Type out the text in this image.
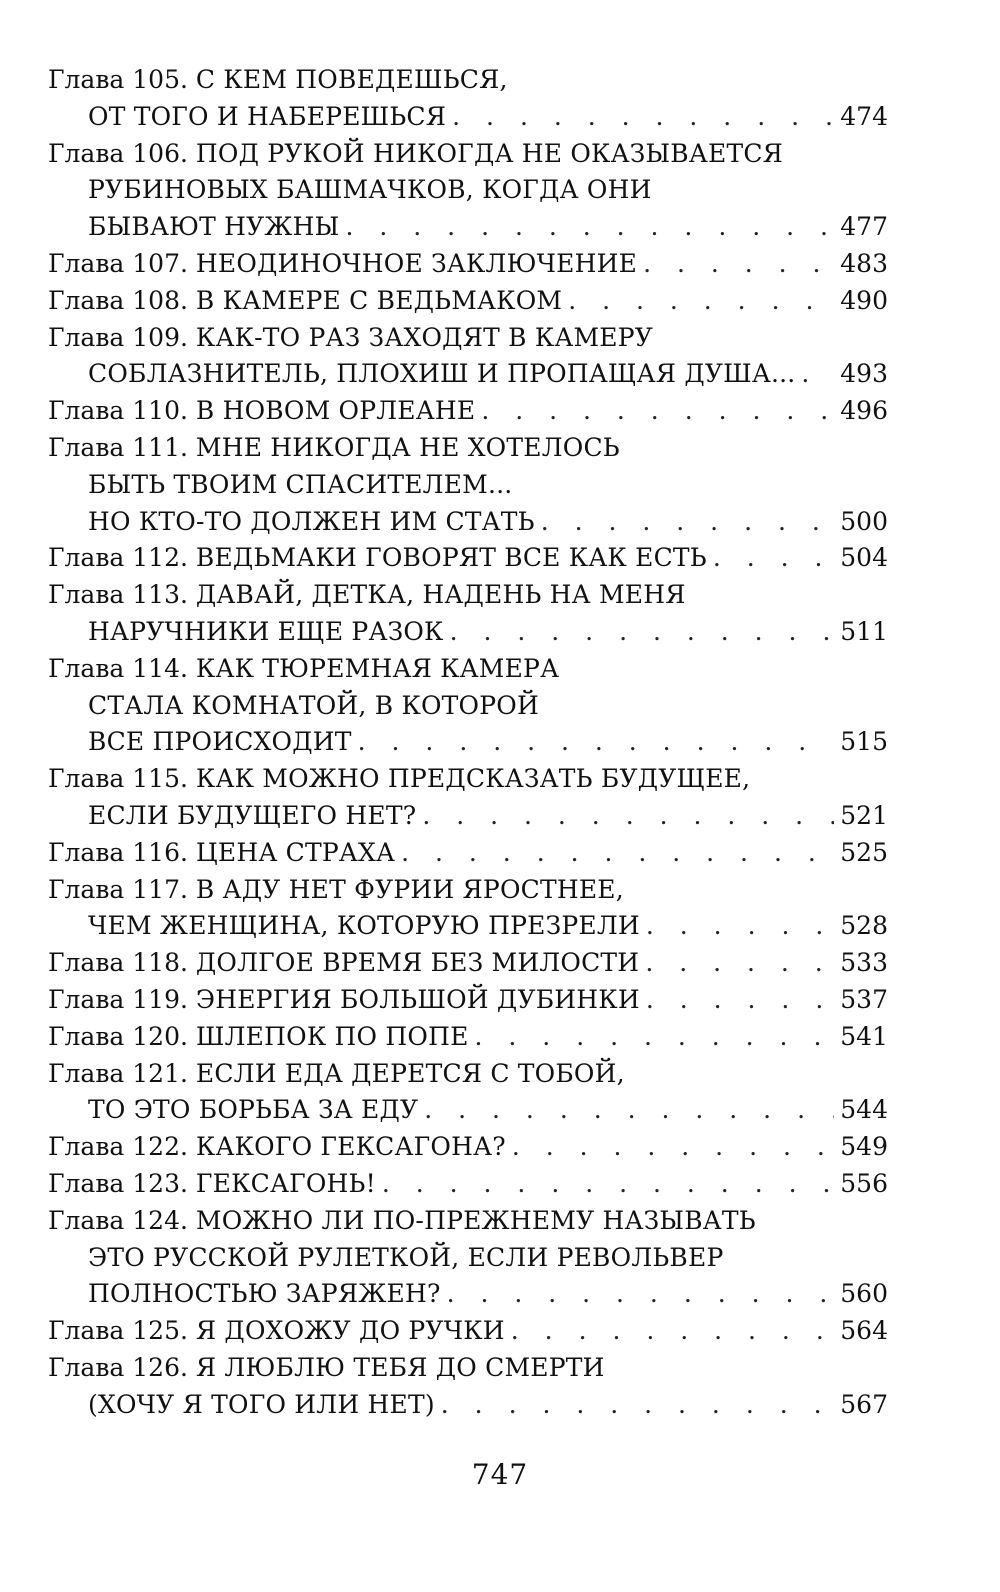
Глава 105. С КЕМ ПОВЕДЕШЬСЯ,
ОТ ТОГО И НАБЕРЕШЬСЯ . . .	474
Глава 106. ПОД РУКОЙ НИКОГДА НЕ ОКАЗЫВАЕТСЯ
РУБИНОВЫХ БАШМАЧКОВ, КОГДА ОНИ
БЫВАЮТ НУЖНЫ . . .	477
Глава 107. НЕОДИНОЧНОЕ ЗАКЛЮЧЕНИЕ . . .	483
Глава 108. В КАМЕРЕ С ВЕДЬМАКОМ . . .	490
Глава 109. КАК-ТО РАЗ ЗАХОДЯТ В КАМЕРУ
СОБЛАЗНИТЕЛЬ, ПЛОХИШ И ПРОПАЩАЯ ДУША... . . . 493
Глава 110. В НОВОМ ОРЛЕАНЕ . . .	496
Глава 111. МНЕ НИКОГДА НЕ ХОТЕЛОСЬ
БЫТЬ ТВОИМ СПАСИТЕЛЕМ...
НО КТО-ТО ДОЛЖЕН ИМ СТАТЬ . . .	500
Глава 112. ВЕДЬМАКИ ГОВОРЯТ ВСЕ КАК ЕСТЬ . . .	504
Глава 113. ДАВАЙ, ДЕТКА, НАДЕНЬ НА МЕНЯ
НАРУЧНИКИ ЕЩЕ РАЗОК . . .	511
Глава 114. КАК ТЮРЕМНАЯ КАМЕРА
СТАЛА КОМНАТОЙ, В КОТОРОЙ
ВСЕ ПРОИСХОДИТ . . .	515
Глава 115. КАК МОЖНО ПРЕДСКАЗАТЬ БУДУЩЕЕ,
ЕСЛИ БУДУЩЕГО НЕТ? . . .	521
Глава 116. ЦЕНА СТРАХА . . .	525
Глава 117. В АДУ НЕТ ФУРИИ ЯРОСТНЕЕ,
ЧЕМ ЖЕНЩИНА, КОТОРУЮ ПРЕЗРЕЛИ . . .	528
Глава 118. ДОЛГОЕ ВРЕМЯ БЕЗ МИЛОСТИ . . .	533
Глава 119. ЭНЕРГИЯ БОЛЬШОЙ ДУБИНКИ . . .	537
Глава 120. ШЛЕПОК ПО ПОПЕ . . .	541
Глава 121. ЕСЛИ ЕДА ДЕРЕТСЯ С ТОБОЙ,
ТО ЭТО БОРЬБА ЗА ЕДУ . . .	544
Глава 122. КАКОГО ГЕКСАГОНА? . . .	549
Глава 123. ГЕКСАГОНЬ! . . .	556
Глава 124. МОЖНО ЛИ ПО-ПРЕЖНЕМУ НАЗЫВАТЬ
ЭТО РУССКОЙ РУЛЕТКОЙ, ЕСЛИ РЕВОЛЬВЕР
ПОЛНОСТЬЮ ЗАРЯЖЕН? . . .	560
Глава 125. Я ДОХОЖУ ДО РУЧКИ . . .	564
Глава 126. Я ЛЮБЛЮ ТЕБЯ ДО СМЕРТИ
(ХОЧУ Я ТОГО ИЛИ НЕТ) . . .	567
747
